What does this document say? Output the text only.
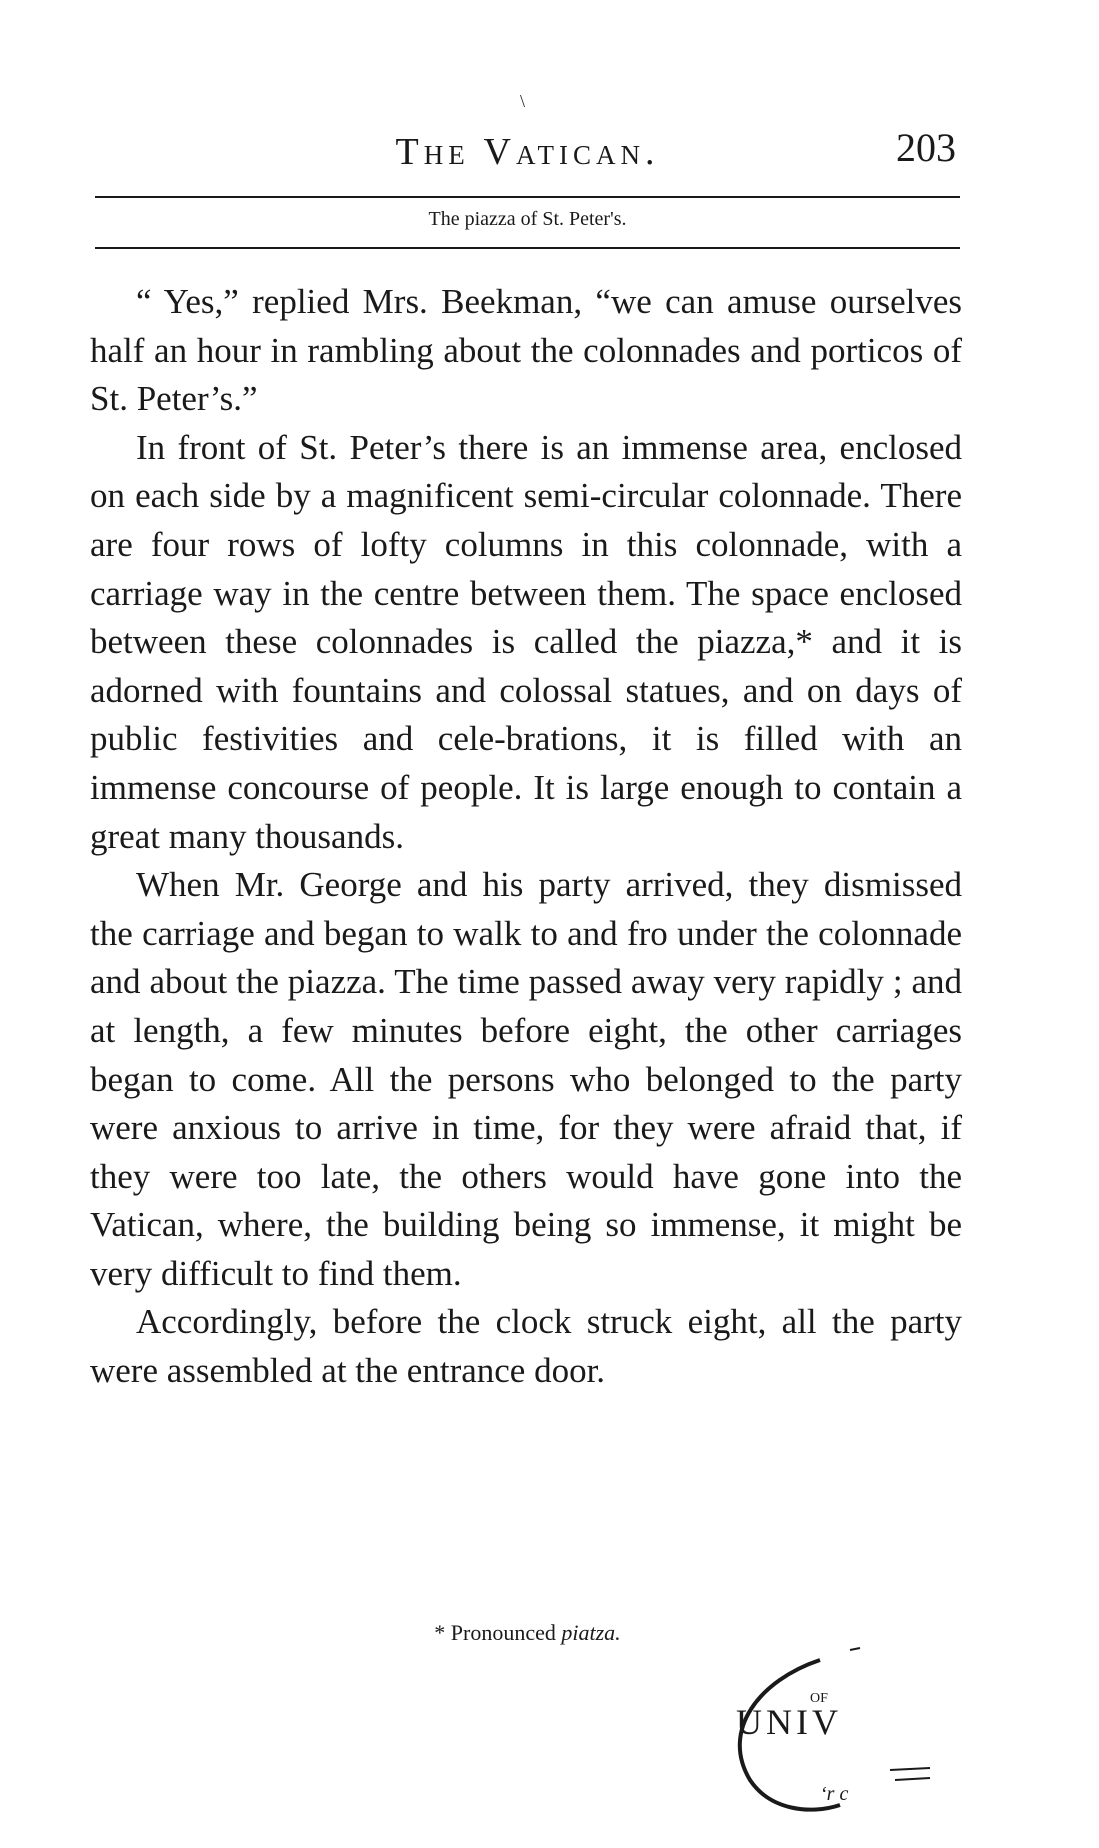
\
The Vatican.	203
The piazza of St. Peter's.

“ Yes,” replied Mrs. Beekman, “we can amuse ourselves half an hour in rambling about the colonnades and porticos of St. Peter’s.”

In front of St. Peter’s there is an immense area, enclosed on each side by a magnificent semi-circular colonnade. There are four rows of lofty columns in this colonnade, with a carriage way in the centre between them. The space enclosed between these colonnades is called the piazza,* and it is adorned with fountains and colossal statues, and on days of public festivities and cele-brations, it is filled with an immense concourse of people. It is large enough to contain a great many thousands.

When Mr. George and his party arrived, they dismissed the carriage and began to walk to and fro under the colonnade and about the piazza. The time passed away very rapidly ; and at length, a few minutes before eight, the other carriages began to come. All the persons who belonged to the party were anxious to arrive in time, for they were afraid that, if they were too late, the others would have gone into the Vatican, where, the building being so immense, it might be very difficult to find them.

Accordingly, before the clock struck eight, all the party were assembled at the entrance door.

* Pronounced piatza.
OF
‘r c
UNIV
